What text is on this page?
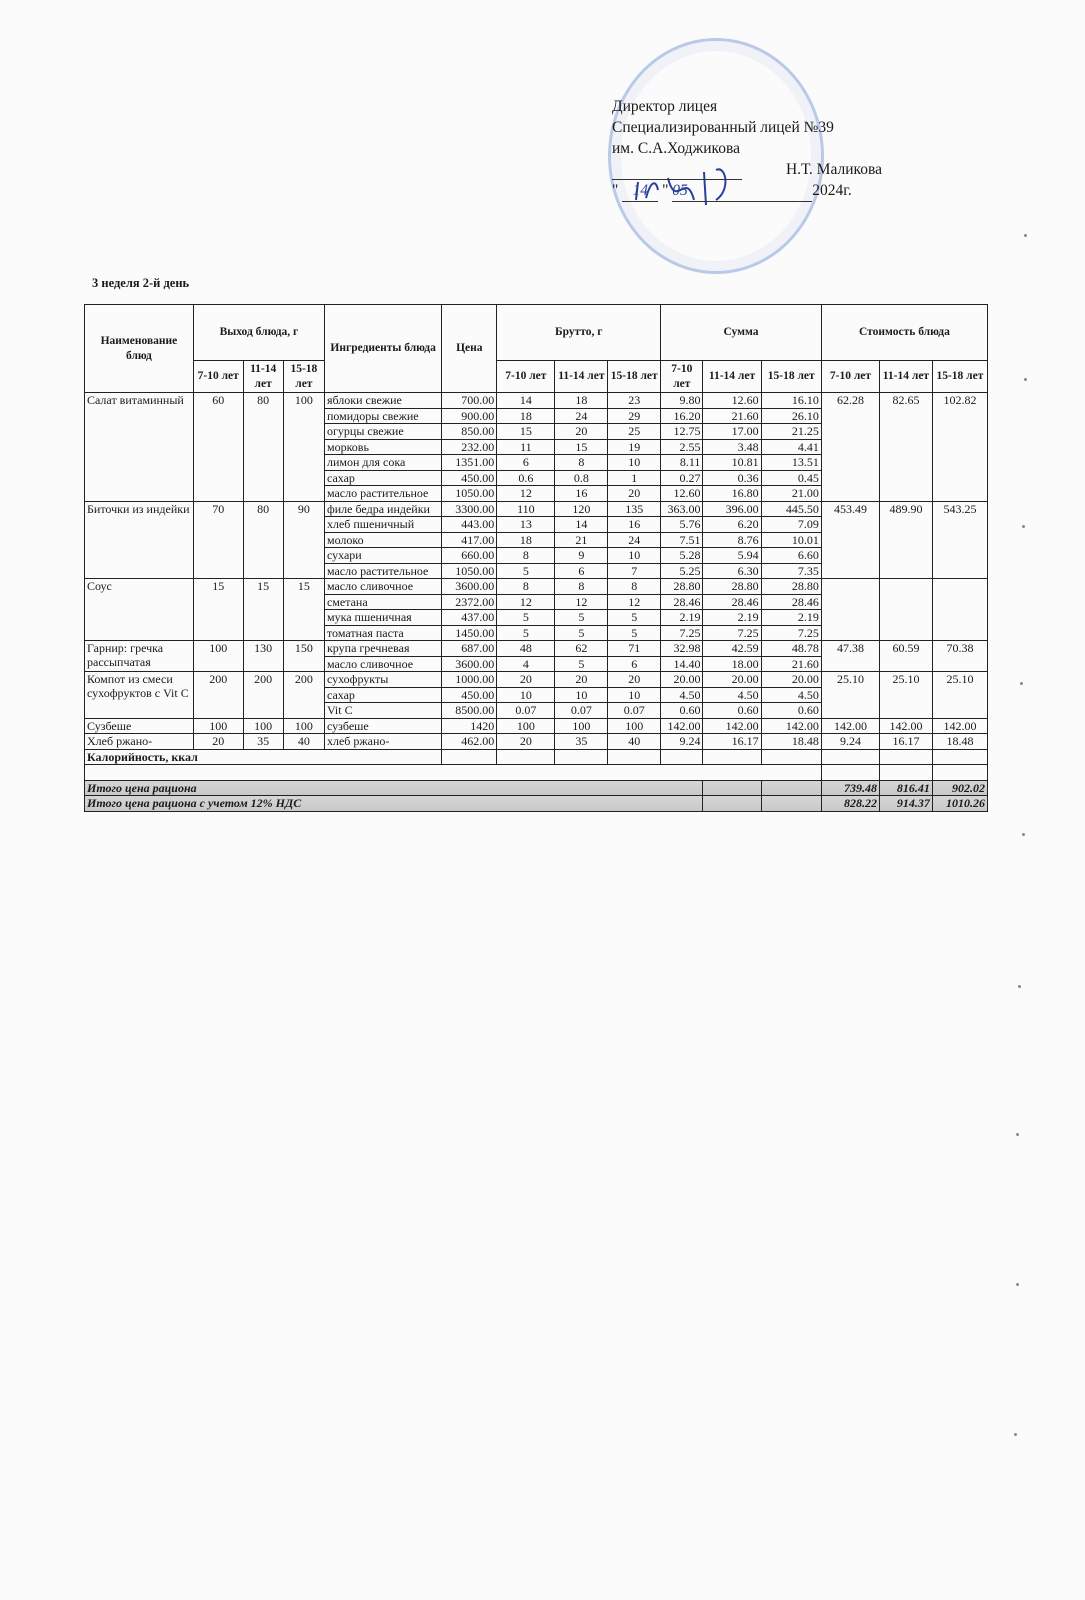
Директор лицея
Специализированный лицей №39
им. С.А.Ходжикова
Н.Т. Маликова
" 14 " 05	2024г.
3 неделя 2-й день
Наименование блюд	Выход блюда, г			Ингредиенты блюда	Цена	Брутто, г			Сумма			Стоимость блюда		
	7-10 лет	11-14 лет	15-18 лет			7-10 лет	11-14 лет	15-18 лет	7-10 лет	11-14 лет	15-18 лет	7-10 лет	11-14 лет	15-18 лет
Салат витаминный	60	80	100	яблоки свежие	700.00	14	18	23	9.80	12.60	16.10	62.28	82.65	102.82
				помидоры свежие	900.00	18	24	29	16.20	21.60	26.10			
				огурцы свежие	850.00	15	20	25	12.75	17.00	21.25			
				морковь	232.00	11	15	19	2.55	3.48	4.41			
				лимон для сока	1351.00	6	8	10	8.11	10.81	13.51			
				сахар	450.00	0.6	0.8	1	0.27	0.36	0.45			
				масло растительное	1050.00	12	16	20	12.60	16.80	21.00			
Биточки из индейки	70	80	90	филе бедра индейки	3300.00	110	120	135	363.00	396.00	445.50	453.49	489.90	543.25
				хлеб пшеничный	443.00	13	14	16	5.76	6.20	7.09			
				молоко	417.00	18	21	24	7.51	8.76	10.01			
				сухари	660.00	8	9	10	5.28	5.94	6.60			
				масло растительное	1050.00	5	6	7	5.25	6.30	7.35			
Соус	15	15	15	масло сливочное	3600.00	8	8	8	28.80	28.80	28.80			
				сметана	2372.00	12	12	12	28.46	28.46	28.46			
				мука пшеничная	437.00	5	5	5	2.19	2.19	2.19			
				томатная паста	1450.00	5	5	5	7.25	7.25	7.25			
Гарнир: гречка рассыпчатая	100	130	150	крупа гречневая	687.00	48	62	71	32.98	42.59	48.78	47.38	60.59	70.38
				масло сливочное	3600.00	4	5	6	14.40	18.00	21.60			
Компот из смеси сухофруктов с Vit C	200	200	200	сухофрукты	1000.00	20	20	20	20.00	20.00	20.00	25.10	25.10	25.10
				сахар	450.00	10	10	10	4.50	4.50	4.50			
				Vit C	8500.00	0.07	0.07	0.07	0.60	0.60	0.60			
Сузбеше	100	100	100	сузбеше	1420	100	100	100	142.00	142.00	142.00	142.00	142.00	142.00
Хлеб ржано-	20	35	40	хлеб ржано-	462.00	20	35	40	9.24	16.17	18.48	9.24	16.17	18.48
Калорийность, ккал														

Итого цена рациона												739.48	816.41	902.02
Итого цена рациона с учетом 12% НДС												828.22	914.37	1010.26
